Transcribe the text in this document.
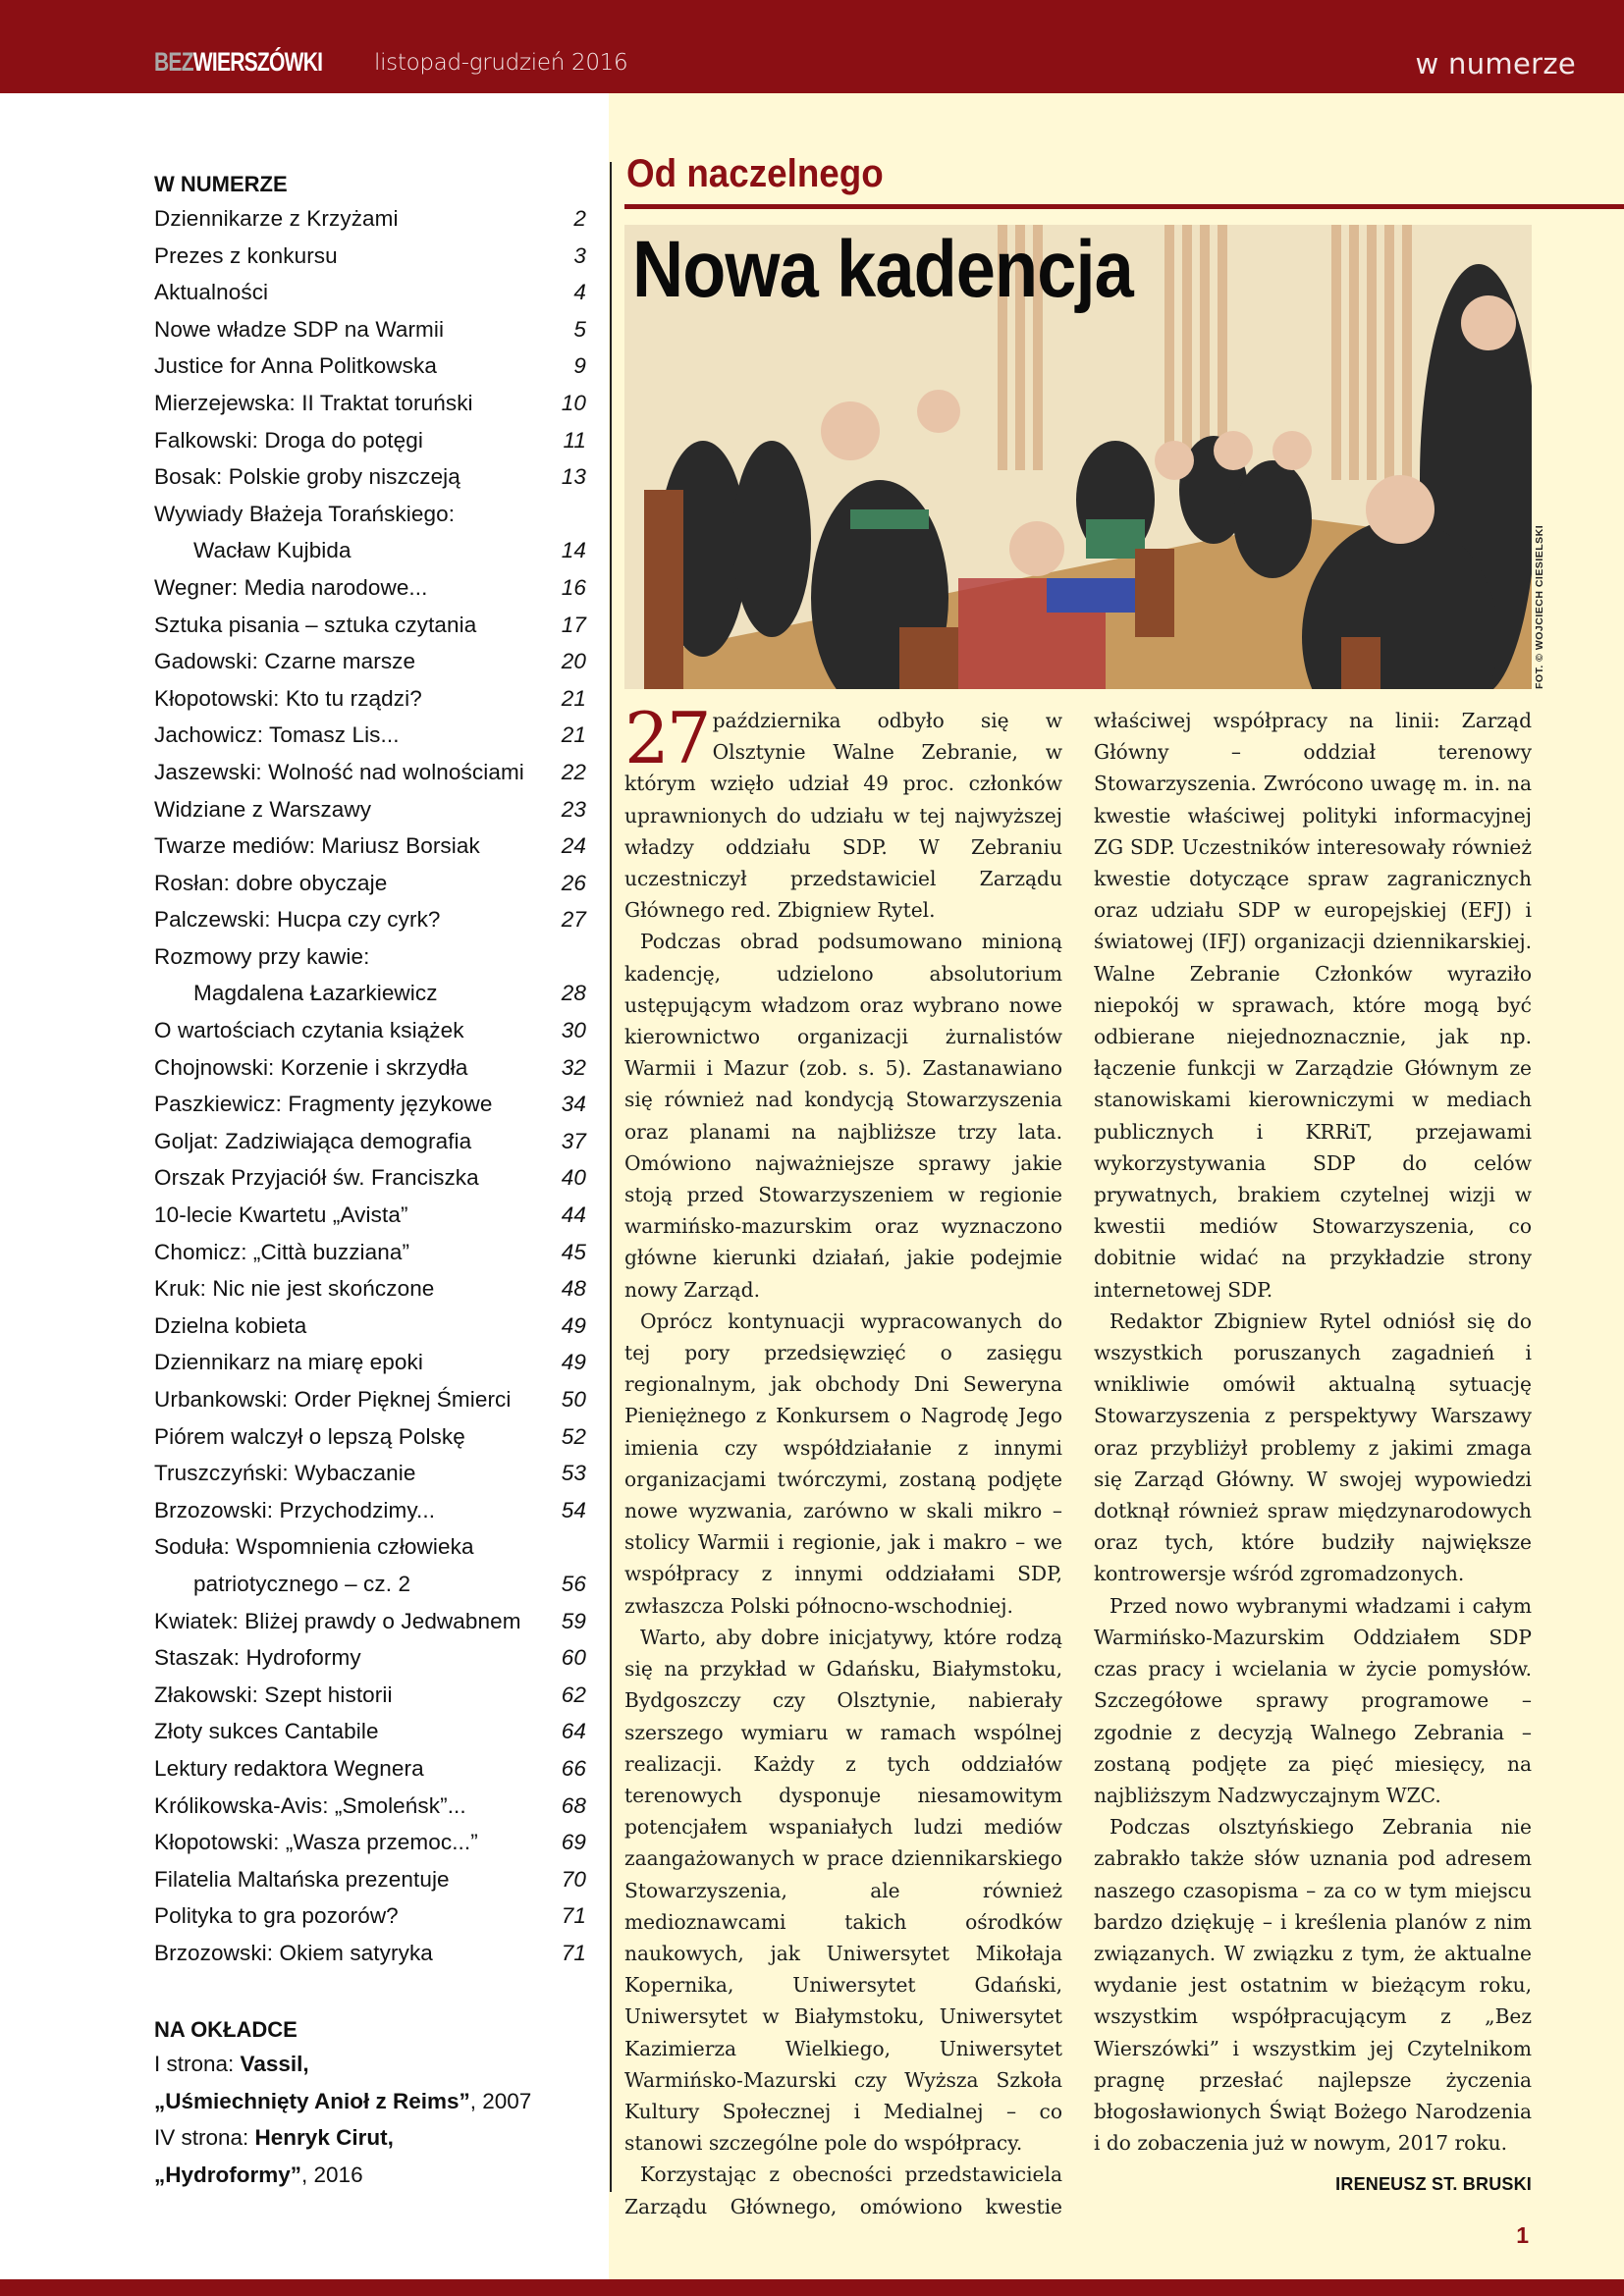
BEZWIERSZÓWKI listopad-grudzień 2016	w numerze
W NUMERZE
Dziennikarze z Krzyżami	2
Prezes z konkursu	3
Aktualności	4
Nowe władze SDP na Warmii	5
Justice for Anna Politkowska	9
Mierzejewska: II Traktat toruński	10
Falkowski: Droga do potęgi	11
Bosak: Polskie groby niszczeją	13
Wywiady Błażeja Torańskiego:
Wacław Kujbida	14
Wegner: Media narodowe...	16
Sztuka pisania – sztuka czytania	17
Gadowski: Czarne marsze	20
Kłopotowski: Kto tu rządzi?	21
Jachowicz: Tomasz Lis...	21
Jaszewski: Wolność nad wolnościami 22
Widziane z Warszawy	23
Twarze mediów: Mariusz Borsiak	24
Rosłan: dobre obyczaje	26
Palczewski: Hucpa czy cyrk?	27
Rozmowy przy kawie:
Magdalena Łazarkiewicz	28
O wartościach czytania książek	30
Chojnowski: Korzenie i skrzydła	32
Paszkiewicz: Fragmenty językowe	34
Goljat: Zadziwiająca demografia	37
Orszak Przyjaciół św. Franciszka	40
10-lecie Kwartetu „Avista”	44
Chomicz: „Città buzziana”	45
Kruk: Nic nie jest skończone	48
Dzielna kobieta	49
Dziennikarz na miarę epoki	49
Urbankowski: Order Pięknej Śmierci 50
Piórem walczył o lepszą Polskę	52
Truszczyński: Wybaczanie	53
Brzozowski: Przychodzimy...	54
Soduła: Wspomnienia człowieka
patriotycznego – cz. 2	56
Kwiatek: Bliżej prawdy o Jedwabnem 59
Staszak: Hydroformy	60
Złakowski: Szept historii	62
Złoty sukces Cantabile	64
Lektury redaktora Wegnera	66
Królikowska-Avis: „Smoleńsk”...	68
Kłopotowski: „Wasza przemoc...”	69
Filatelia Maltańska prezentuje	70
Polityka to gra pozorów?	71
Brzozowski: Okiem satyryka	71
NA OKŁADCE
I strona: Vassil,
„Uśmiechnięty Anioł z Reims”, 2007
IV strona: Henryk Cirut,
„Hydroformy”, 2016
Od naczelnego
Nowa kadencja
FOT. © WOJCIECH CIESIELSKI

27 października odbyło się w Olsztynie Walne Zebranie, w którym wzięło udział 49 proc. członków uprawnionych do udziału w tej najwyższej władzy oddziału SDP. W Zebraniu uczestniczył przedstawiciel Zarządu Głównego red. Zbigniew Rytel.

Podczas obrad podsumowano minioną kadencję, udzielono absolutorium ustępującym władzom oraz wybrano nowe kierownictwo organizacji żurnalistów Warmii i Mazur (zob. s. 5). Zastanawiano się również nad kondycją Stowarzyszenia oraz planami na najbliższe trzy lata. Omówiono najważniejsze sprawy jakie stoją przed Stowarzyszeniem w regionie warmińsko-mazurskim oraz wyznaczono główne kierunki działań, jakie podejmie nowy Zarząd.

Oprócz kontynuacji wypracowanych do tej pory przedsięwzięć o zasięgu regionalnym, jak obchody Dni Seweryna Pieniężnego z Konkursem o Nagrodę Jego imienia czy współdziałanie z innymi organizacjami twórczymi, zostaną podjęte nowe wyzwania, zarówno w skali mikro – stolicy Warmii i regionie, jak i makro – we współpracy z innymi oddziałami SDP, zwłaszcza Polski północno-wschodniej.

Warto, aby dobre inicjatywy, które rodzą się na przykład w Gdańsku, Białymstoku, Bydgoszczy czy Olsztynie, nabierały szerszego wymiaru w ramach wspólnej realizacji. Każdy z tych oddziałów terenowych dysponuje niesamowitym potencjałem wspaniałych ludzi mediów zaangażowanych w prace dziennikarskiego Stowarzyszenia, ale również medioznawcami takich ośrodków naukowych, jak Uniwersytet Mikołaja Kopernika, Uniwersytet Gdański, Uniwersytet w Białymstoku, Uniwersytet Kazimierza Wielkiego, Uniwersytet Warmińsko-Mazurski czy Wyższa Szkoła Kultury Społecznej i Medialnej – co stanowi szczególne pole do współpracy.

Korzystając z obecności przedstawiciela Zarządu Głównego, omówiono kwestie

właściwej współpracy na linii: Zarząd Główny – oddział terenowy Stowarzyszenia. Zwrócono uwagę m. in. na kwestie właściwej polityki informacyjnej ZG SDP. Uczestników interesowały również kwestie dotyczące spraw zagranicznych oraz udziału SDP w europejskiej (EFJ) i światowej (IFJ) organizacji dziennikarskiej. Walne Zebranie Członków wyraziło niepokój w sprawach, które mogą być odbierane niejednoznacznie, jak np. łączenie funkcji w Zarządzie Głównym ze stanowiskami kierowniczymi w mediach publicznych i KRRiT, przejawami wykorzystywania SDP do celów prywatnych, brakiem czytelnej wizji w kwestii mediów Stowarzyszenia, co dobitnie widać na przykładzie strony internetowej SDP.

Redaktor Zbigniew Rytel odniósł się do wszystkich poruszanych zagadnień i wnikliwie omówił aktualną sytuację Stowarzyszenia z perspektywy Warszawy oraz przybliżył problemy z jakimi zmaga się Zarząd Główny. W swojej wypowiedzi dotknął również spraw międzynarodowych oraz tych, które budziły największe kontrowersje wśród zgromadzonych.

Przed nowo wybranymi władzami i całym Warmińsko-Mazurskim Oddziałem SDP czas pracy i wcielania w życie pomysłów. Szczegółowe sprawy programowe – zgodnie z decyzją Walnego Zebrania – zostaną podjęte za pięć miesięcy, na najbliższym Nadzwyczajnym WZC.

Podczas olsztyńskiego Zebrania nie zabrakło także słów uznania pod adresem naszego czasopisma – za co w tym miejscu bardzo dziękuję – i kreślenia planów z nim związanych. W związku z tym, że aktualne wydanie jest ostatnim w bieżącym roku, wszystkim współpracującym z „Bez Wierszówki” i wszystkim jej Czytelnikom pragnę przesłać najlepsze życzenia błogosławionych Świąt Bożego Narodzenia i do zobaczenia już w nowym, 2017 roku.

IRENEUSZ ST. BRUSKI
1
